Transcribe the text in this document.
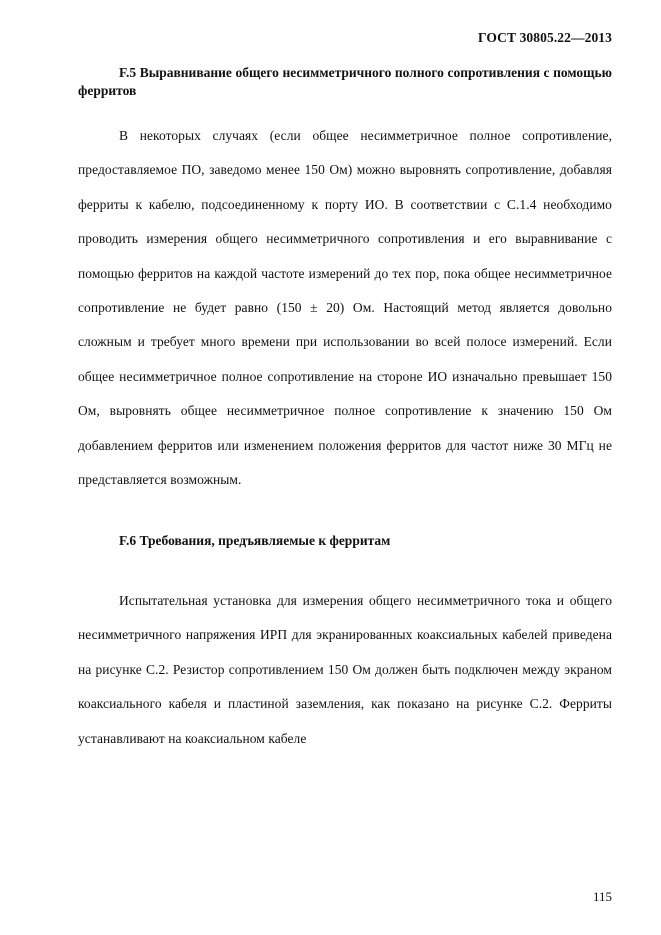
ГОСТ 30805.22—2013
F.5 Выравнивание общего несимметричного полного сопротивления с помощью ферритов

В некоторых случаях (если общее несимметричное полное сопротивление, предоставляемое ПО, заведомо менее 150 Ом) можно выровнять сопротивление, добавляя ферриты к кабелю, подсоединенному к порту ИО. В соответствии с С.1.4 необходимо проводить измерения общего несимметричного сопротивления и его выравнивание с помощью ферритов на каждой частоте измерений до тех пор, пока общее несимметричное сопротивление не будет равно (150 ± 20) Ом. Настоящий метод является довольно сложным и требует много времени при использовании во всей полосе измерений. Если общее несимметричное полное сопротивление на стороне ИО изначально превышает 150 Ом, выровнять общее несимметричное полное сопротивление к значению 150 Ом добавлением ферритов или изменением положения ферритов для частот ниже 30 МГц не представляется возможным.

F.6 Требования, предъявляемые к ферритам

Испытательная установка для измерения общего несимметричного тока и общего несимметричного напряжения ИРП для экранированных коаксиальных кабелей приведена на рисунке С.2. Резистор сопротивлением 150 Ом должен быть подключен между экраном коаксиального кабеля и пластиной заземления, как показано на рисунке С.2. Ферриты устанавливают на коаксиальном кабеле

115
